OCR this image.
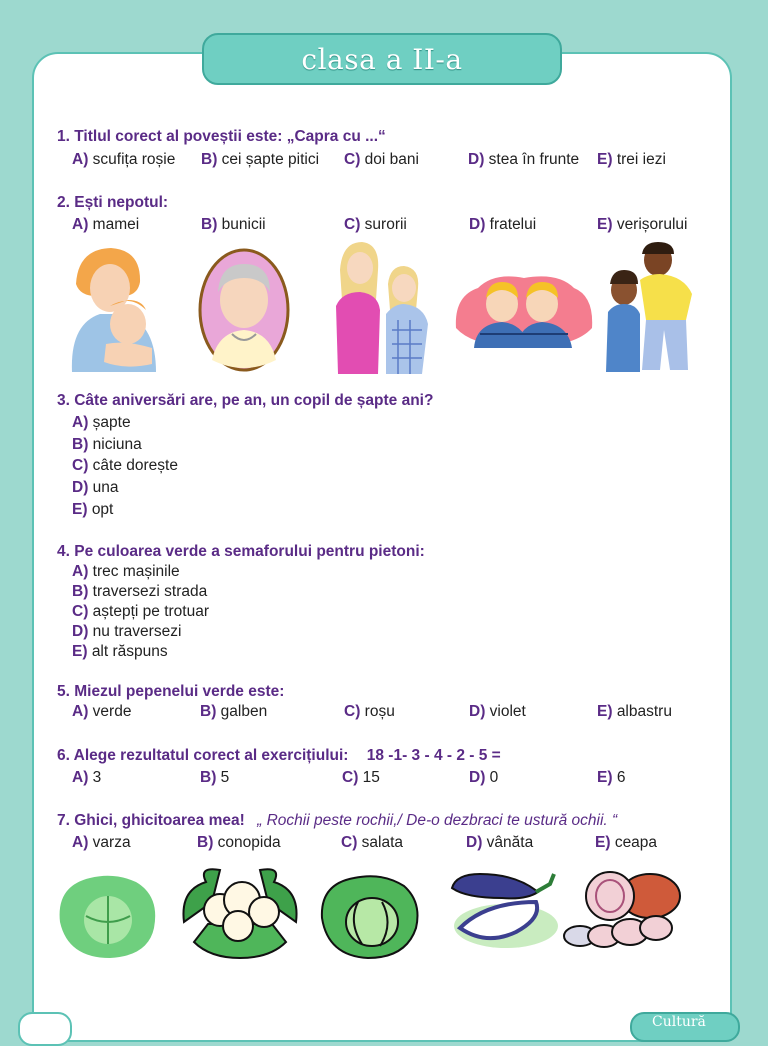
clasa a II-a
1. Titlul corect al poveștii este: „Capra cu ...“
A) scufița roșie B) cei șapte pitici C) doi bani	D) stea în frunte E) trei iezi
2. Ești nepotul:
A) mamei	B) bunicii	C) surorii	D) fratelui	E) verișorului
3. Câte aniversări are, pe an, un copil de șapte ani?
A) șapte
B) niciuna
C) câte dorește
D) una
E) opt
4. Pe culoarea verde a semaforului pentru pietoni:
A) trec mașinile
B) traversezi strada
C) aștepți pe trotuar
D) nu traversezi
E) alt răspuns
5. Miezul pepenelui verde este:
A) verde	B) galben	C) roșu	D) violet	E) albastru
6. Alege rezultatul corect al exercițiului: 18 -1- 3 - 4 - 2 - 5 =
A) 3	B) 5	C) 15	D) 0	E) 6
7. Ghici, ghicitoarea mea! „ Rochii peste rochii,/ De-o dezbraci te ustură ochii. “
A) varza	B) conopida	C) salata	D) vânăta	E) ceapa
Cultură
